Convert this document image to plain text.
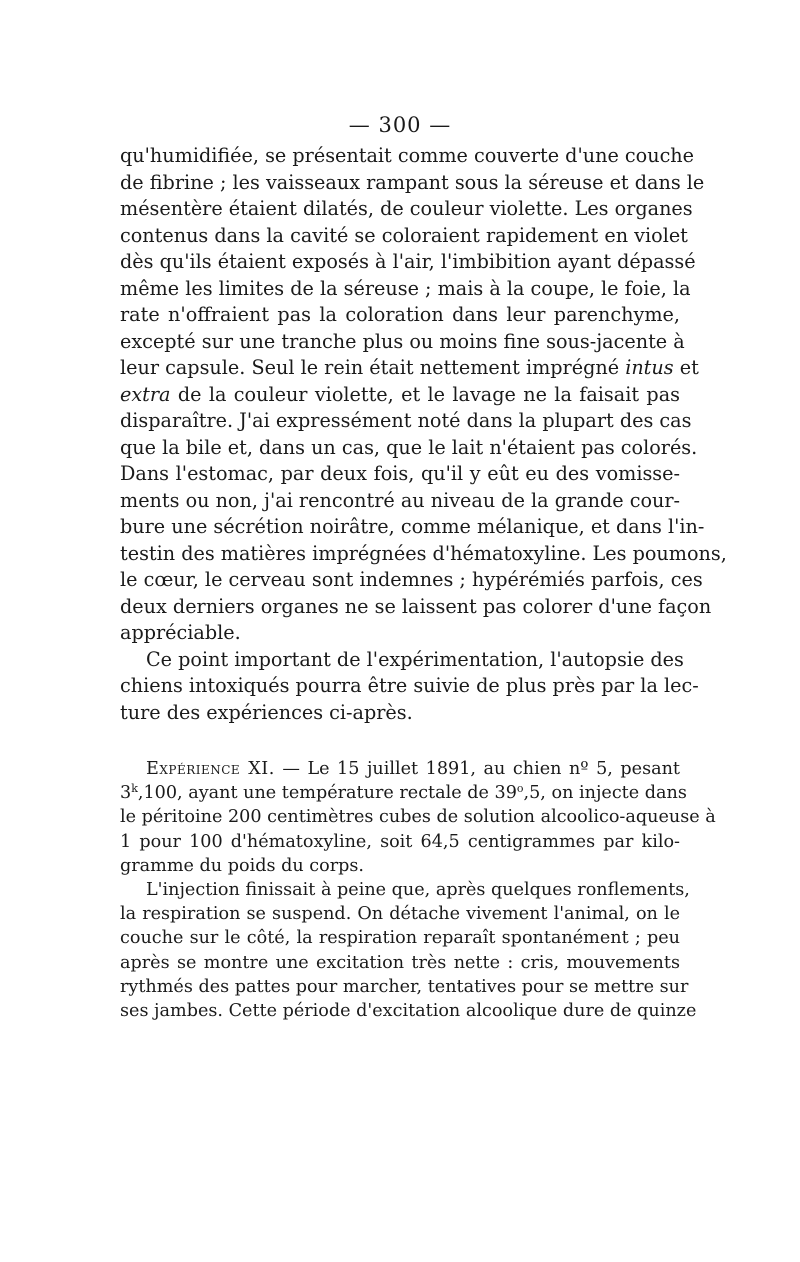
— 300 —
qu'humidifiée, se présentait comme couverte d'une couche
de fibrine ; les vaisseaux rampant sous la séreuse et dans le
mésentère étaient dilatés, de couleur violette. Les organes
contenus dans la cavité se coloraient rapidement en violet
dès qu'ils étaient exposés à l'air, l'imbibition ayant dépassé
même les limites de la séreuse ; mais à la coupe, le foie, la
rate n'offraient pas la coloration dans leur parenchyme,
excepté sur une tranche plus ou moins fine sous-jacente à
leur capsule. Seul le rein était nettement imprégné intus et
extra de la couleur violette, et le lavage ne la faisait pas
disparaître. J'ai expressément noté dans la plupart des cas
que la bile et, dans un cas, que le lait n'étaient pas colorés.
Dans l'estomac, par deux fois, qu'il y eût eu des vomisse-
ments ou non, j'ai rencontré au niveau de la grande cour-
bure une sécrétion noirâtre, comme mélanique, et dans l'in-
testin des matières imprégnées d'hématoxyline. Les poumons,
le cœur, le cerveau sont indemnes ; hypérémiés parfois, ces
deux derniers organes ne se laissent pas colorer d'une façon
appréciable.
Ce point important de l'expérimentation, l'autopsie des
chiens intoxiqués pourra être suivie de plus près par la lec-
ture des expériences ci-après.
Expérience XI. — Le 15 juillet 1891, au chien nº 5, pesant
3$^k$,100, ayant une température rectale de 39$^o$,5, on injecte dans
le péritoine 200 centimètres cubes de solution alcoolico-aqueuse à
1 pour 100 d'hématoxyline, soit 64,5 centigrammes par kilo-
gramme du poids du corps.
L'injection finissait à peine que, après quelques ronflements,
la respiration se suspend. On détache vivement l'animal, on le
couche sur le côté, la respiration reparaît spontanément ; peu
après se montre une excitation très nette : cris, mouvements
rythmés des pattes pour marcher, tentatives pour se mettre sur
ses jambes. Cette période d'excitation alcoolique dure de quinze
